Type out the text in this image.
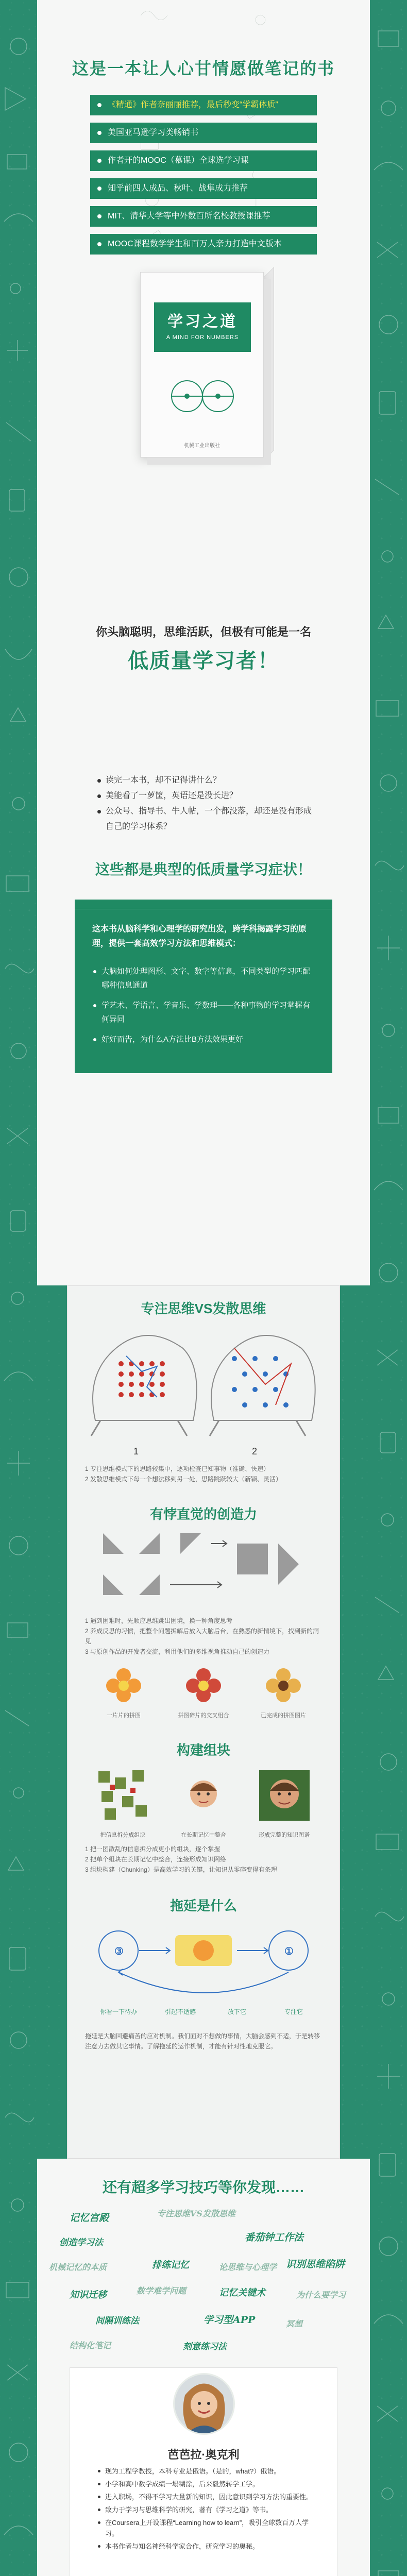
这是一本让人心甘情愿做笔记的书
《精通》作者奈丽丽推荐，最后秒变“学霸体质”
美国亚马逊学习类畅销书
作者开的MOOC（慕课）全球选学习课
知乎前四人成品、秋叶、战隼成力推荐
MIT、清华大学等中外数百所名校教授课推荐
MOOC课程数学学生和百万人亲力打造中文版本
学习之道
A MIND FOR NUMBERS
机械工业出版社
你头脑聪明，思维活跃，但极有可能是一名
低质量学习者！
读完一本书，却不记得讲什么？
美能看了一萝筐，英语还是没长进？
公众号、指导书、牛人帖，一个都没落，却还是没有形成自己的学习体系？
这些都是典型的低质量学习症状！

这本书从脑科学和心理学的研究出发，跨学科揭露学习的原理，提供一套高效学习方法和思维模式：

大脑如何处理图形、文字、数字等信息，不同类型的学习匹配哪种信息通道
学艺术、学语言、学音乐、学数理——各种事物的学习掌握有何异同
好好而告，为什么A方法比B方法效果更好
专注思维VS发散思维
1	2

1 专注思维模式下的思路较集中，逐项检查已知事物（准确、快速）
2 发散思维模式下每一个想法移到另一处，思路跳跃较大（新颖、灵活）

有悖直觉的创造力

1 遇到困难时，先顺应思维跳出困境，换一种角度思考
2 养成反思的习惯，把整个问题拆解后放入大脑后台，在熟悉的新情境下，找到新的洞见
3 与原创作品的开发者交流，利用他们的多维视角推动自己的创造力

一片片的拼图	拼图碎片的交叉组合	已完成的拼图图片
构建组块
把信息拆分成组块	在长期记忆中整合	形成完整的知识图谱

1 把一团散乱的信息拆分成更小的组块，逐个掌握
2 把单个组块在长期记忆中整合，连接形成知识网络
3 组块构建（Chunking）是高效学习的关键，让知识从零碎变得有条理

拖延是什么
③	①
你看一下待办	引起不适感	放下它	专注它

拖延是大脑回避痛苦的应对机制。我们面对不想做的事情，大脑会感到不适，于是转移注意力去做其它事情。了解拖延的运作机制，才能有针对性地克服它。

还有超多学习技巧等你发现……
记忆宫殿	专注思维VS发散思维
创造学习法	番茄钟工作法
机械记忆的本质	排练记忆	论思维与心理学 识别思维陷阱
知识迁移	数学难学问题	记忆关键术	为什么要学习
间隔训练法	学习型APP	冥想
结构化笔记	刻意练习法
芭芭拉·奥克利
现为工程学教授，本科专业是俄语。（是的，what?）俄语。
小学和高中数学成绩一塌糊涂，后来毅然转学工学。
进入职场，不得不学习大量新的知识，因此意识到学习方法的重要性。
致力于学习与思维科学的研究，著有《学习之道》等书。
在Coursera上开设课程“Learning how to learn”，吸引全球数百万人学习。
本书作者与知名神经科学家合作，研究学习的奥秘。
